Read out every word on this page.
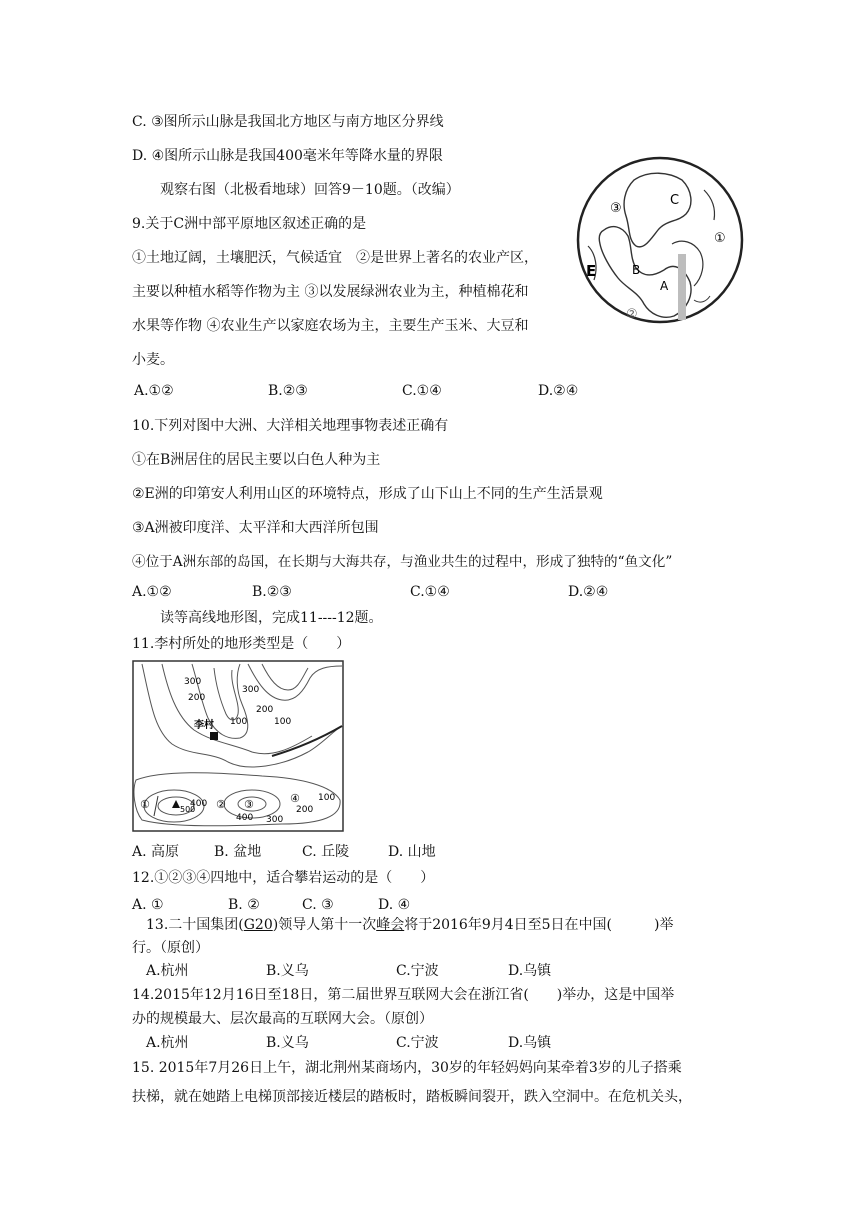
C. ③图所示山脉是我国北方地区与南方地区分界线
D. ④图所示山脉是我国400毫米年等降水量的界限
观察右图（北极看地球）回答9－10题。（改编）
9.关于C洲中部平原地区叙述正确的是
①土地辽阔，土壤肥沃，气候适宜　②是世界上著名的农业产区，
主要以种植水稻等作物为主 ③以发展绿洲农业为主，种植棉花和
水果等作物 ④农业生产以家庭农场为主，主要生产玉米、大豆和
小麦。
A.①②	B.②③	C.①④	D.②④
C
③
①
E	B
A
②
10.下列对图中大洲、大洋相关地理事物表述正确有
①在B洲居住的居民主要以白色人种为主
②E洲的印第安人利用山区的环境特点，形成了山下山上不同的生产生活景观
③A洲被印度洋、太平洋和大西洋所包围
④位于A洲东部的岛国，在长期与大海共存，与渔业共生的过程中，形成了独特的“鱼文化”
A.①②	B.②③	C.①④	D.②④
读等高线地形图，完成11----12题。
11.李村所处的地形类型是（　　）
300
200
300
200
100
100
400
300
400
200
100
500
李村
①	② ③	④
A. 高原 B. 盆地	C. 丘陵	D. 山地
12.①②③④四地中，适合攀岩运动的是（　　）
A. ①	B. ②	C. ③	D. ④
13.二十国集团(G20)领导人第十一次峰会将于2016年9月4日至5日在中国(　　　)举
行。（原创）
A.杭州	B.义乌	C.宁波	D.乌镇
14.2015年12月16日至18日，第二届世界互联网大会在浙江省(　　)举办，这是中国举
办的规模最大、层次最高的互联网大会。（原创）
A.杭州	B.义乌	C.宁波	D.乌镇
15. 2015年7月26日上午，湖北荆州某商场内，30岁的年轻妈妈向某牵着3岁的儿子搭乘
扶梯，就在她踏上电梯顶部接近楼层的踏板时，踏板瞬间裂开，跌入空洞中。在危机关头，
